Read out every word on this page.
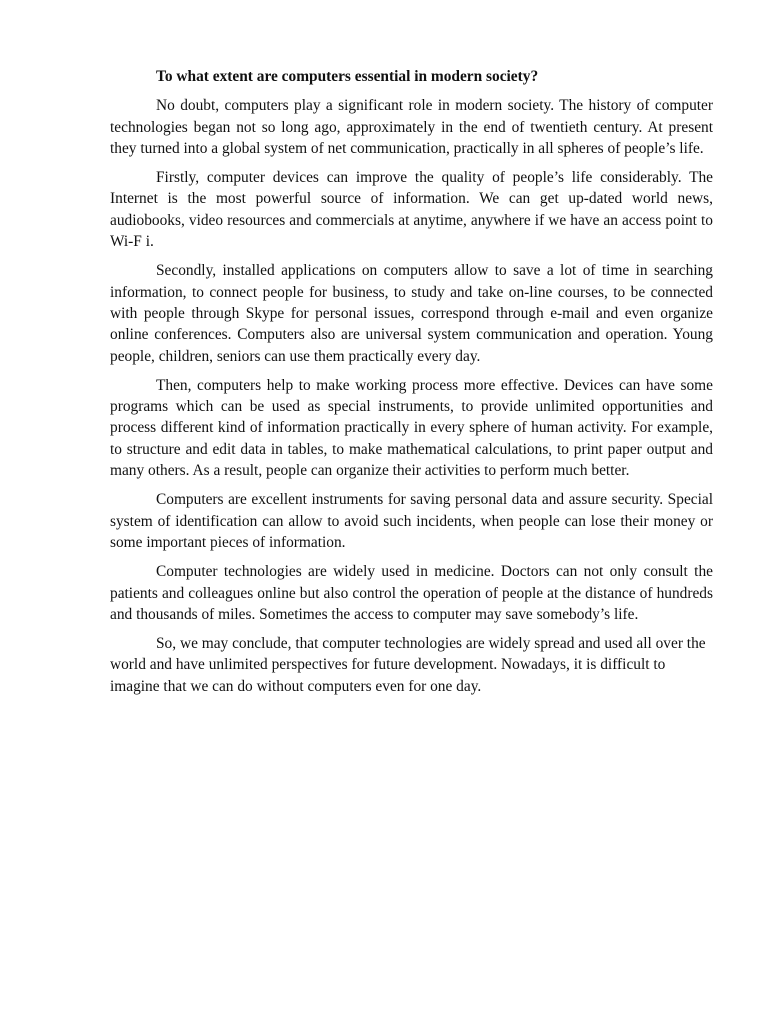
To what extent are computers essential in modern society?

No doubt, computers play a significant role in modern society. The history of computer technologies began not so long ago, approximately in the end of twentieth century. At present they turned into a global system of net communication, practically in all spheres of people’s life.

Firstly, computer devices can improve the quality of people’s life considerably. The Internet is the most powerful source of information. We can get up-dated world news, audiobooks, video resources and commercials at anytime, anywhere if we have an access point to Wi-F i.

Secondly, installed applications on computers allow to save a lot of time in searching information, to connect people for business, to study and take on-line courses, to be connected with people through Skype for personal issues, correspond through e-mail and even organize online conferences. Computers also are universal system communication and operation. Young people, children, seniors can use them practically every day.

Then, computers help to make working process more effective. Devices can have some programs which can be used as special instruments, to provide unlimited opportunities and process different kind of information practically in every sphere of human activity. For example, to structure and edit data in tables, to make mathematical calculations, to print paper output and many others. As a result, people can organize their activities to perform much better.

Computers are excellent instruments for saving personal data and assure security. Special system of identification can allow to avoid such incidents, when people can lose their money or some important pieces of information.

Computer technologies are widely used in medicine. Doctors can not only consult the patients and colleagues online but also control the operation of people at the distance of hundreds and thousands of miles. Sometimes the access to computer may save somebody’s life.

So, we may conclude, that computer technologies are widely spread and used all over the world and have unlimited perspectives for future development. Nowadays, it is difficult to imagine that we can do without computers even for one day.
